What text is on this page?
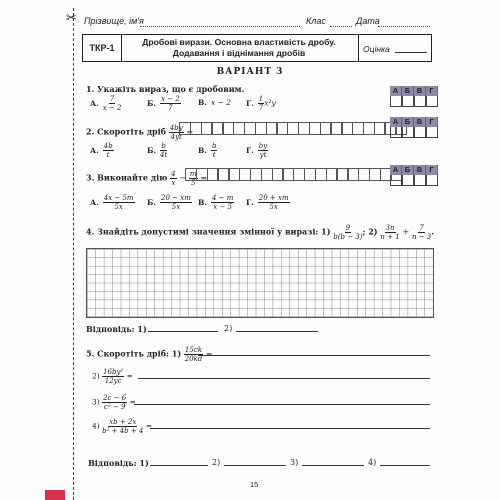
✂ Прізвище, ім'я	Клас	Дата
ТКР-1
Дробові вирази. Основна властивість дробу.
Додавання і віднімання дробів	Оцінка
ВАРІАНТ 3
1. Укажіть вираз, що є дробовим.
А. $\frac{7}{x - 2}$	Б. $\frac{x - 2}{7} В$. x − 2 Г. $\frac{1}{7} x^2y$
А Б В Г
2. Скоротіть дріб $\frac{4by}{4yt}$ =
А. $\frac{4b}{t}$	Б. $\frac{b}{4t}$	В. $\frac{b}{t}$	Г. $\frac{by}{yt}$
А Б В Г
3. Виконайте дію $\frac{4}{x} - \frac{m}{5}$ =
А. $\frac{4x - 5m}{5x} Б$. $\frac{20 - xm}{5x} В$. $\frac{4 - m}{x - 5} Г$. $\frac{20 + xm}{5x}$
А Б В Г
4. Знайдіть допустимі значення змінної у виразі: $1) \frac{9}{b(b - 3)}$ ; $2) \frac{3n}{n + 1} + \frac{7}{n - 3}$ .
Відповідь: 1)	2)
5. Скоротіть дріб: $1) \frac{15ck}{20kd}$ =
$2) \frac{\text{16by²}}{12yc}$ =
$3) \frac{2c - 6}{\text{c² − 9}}$ =
$4) \frac{xb + 2x}{\text{b² + 4b + 4}}$ =
Відповідь: 1)	2)	3)	4)
15
